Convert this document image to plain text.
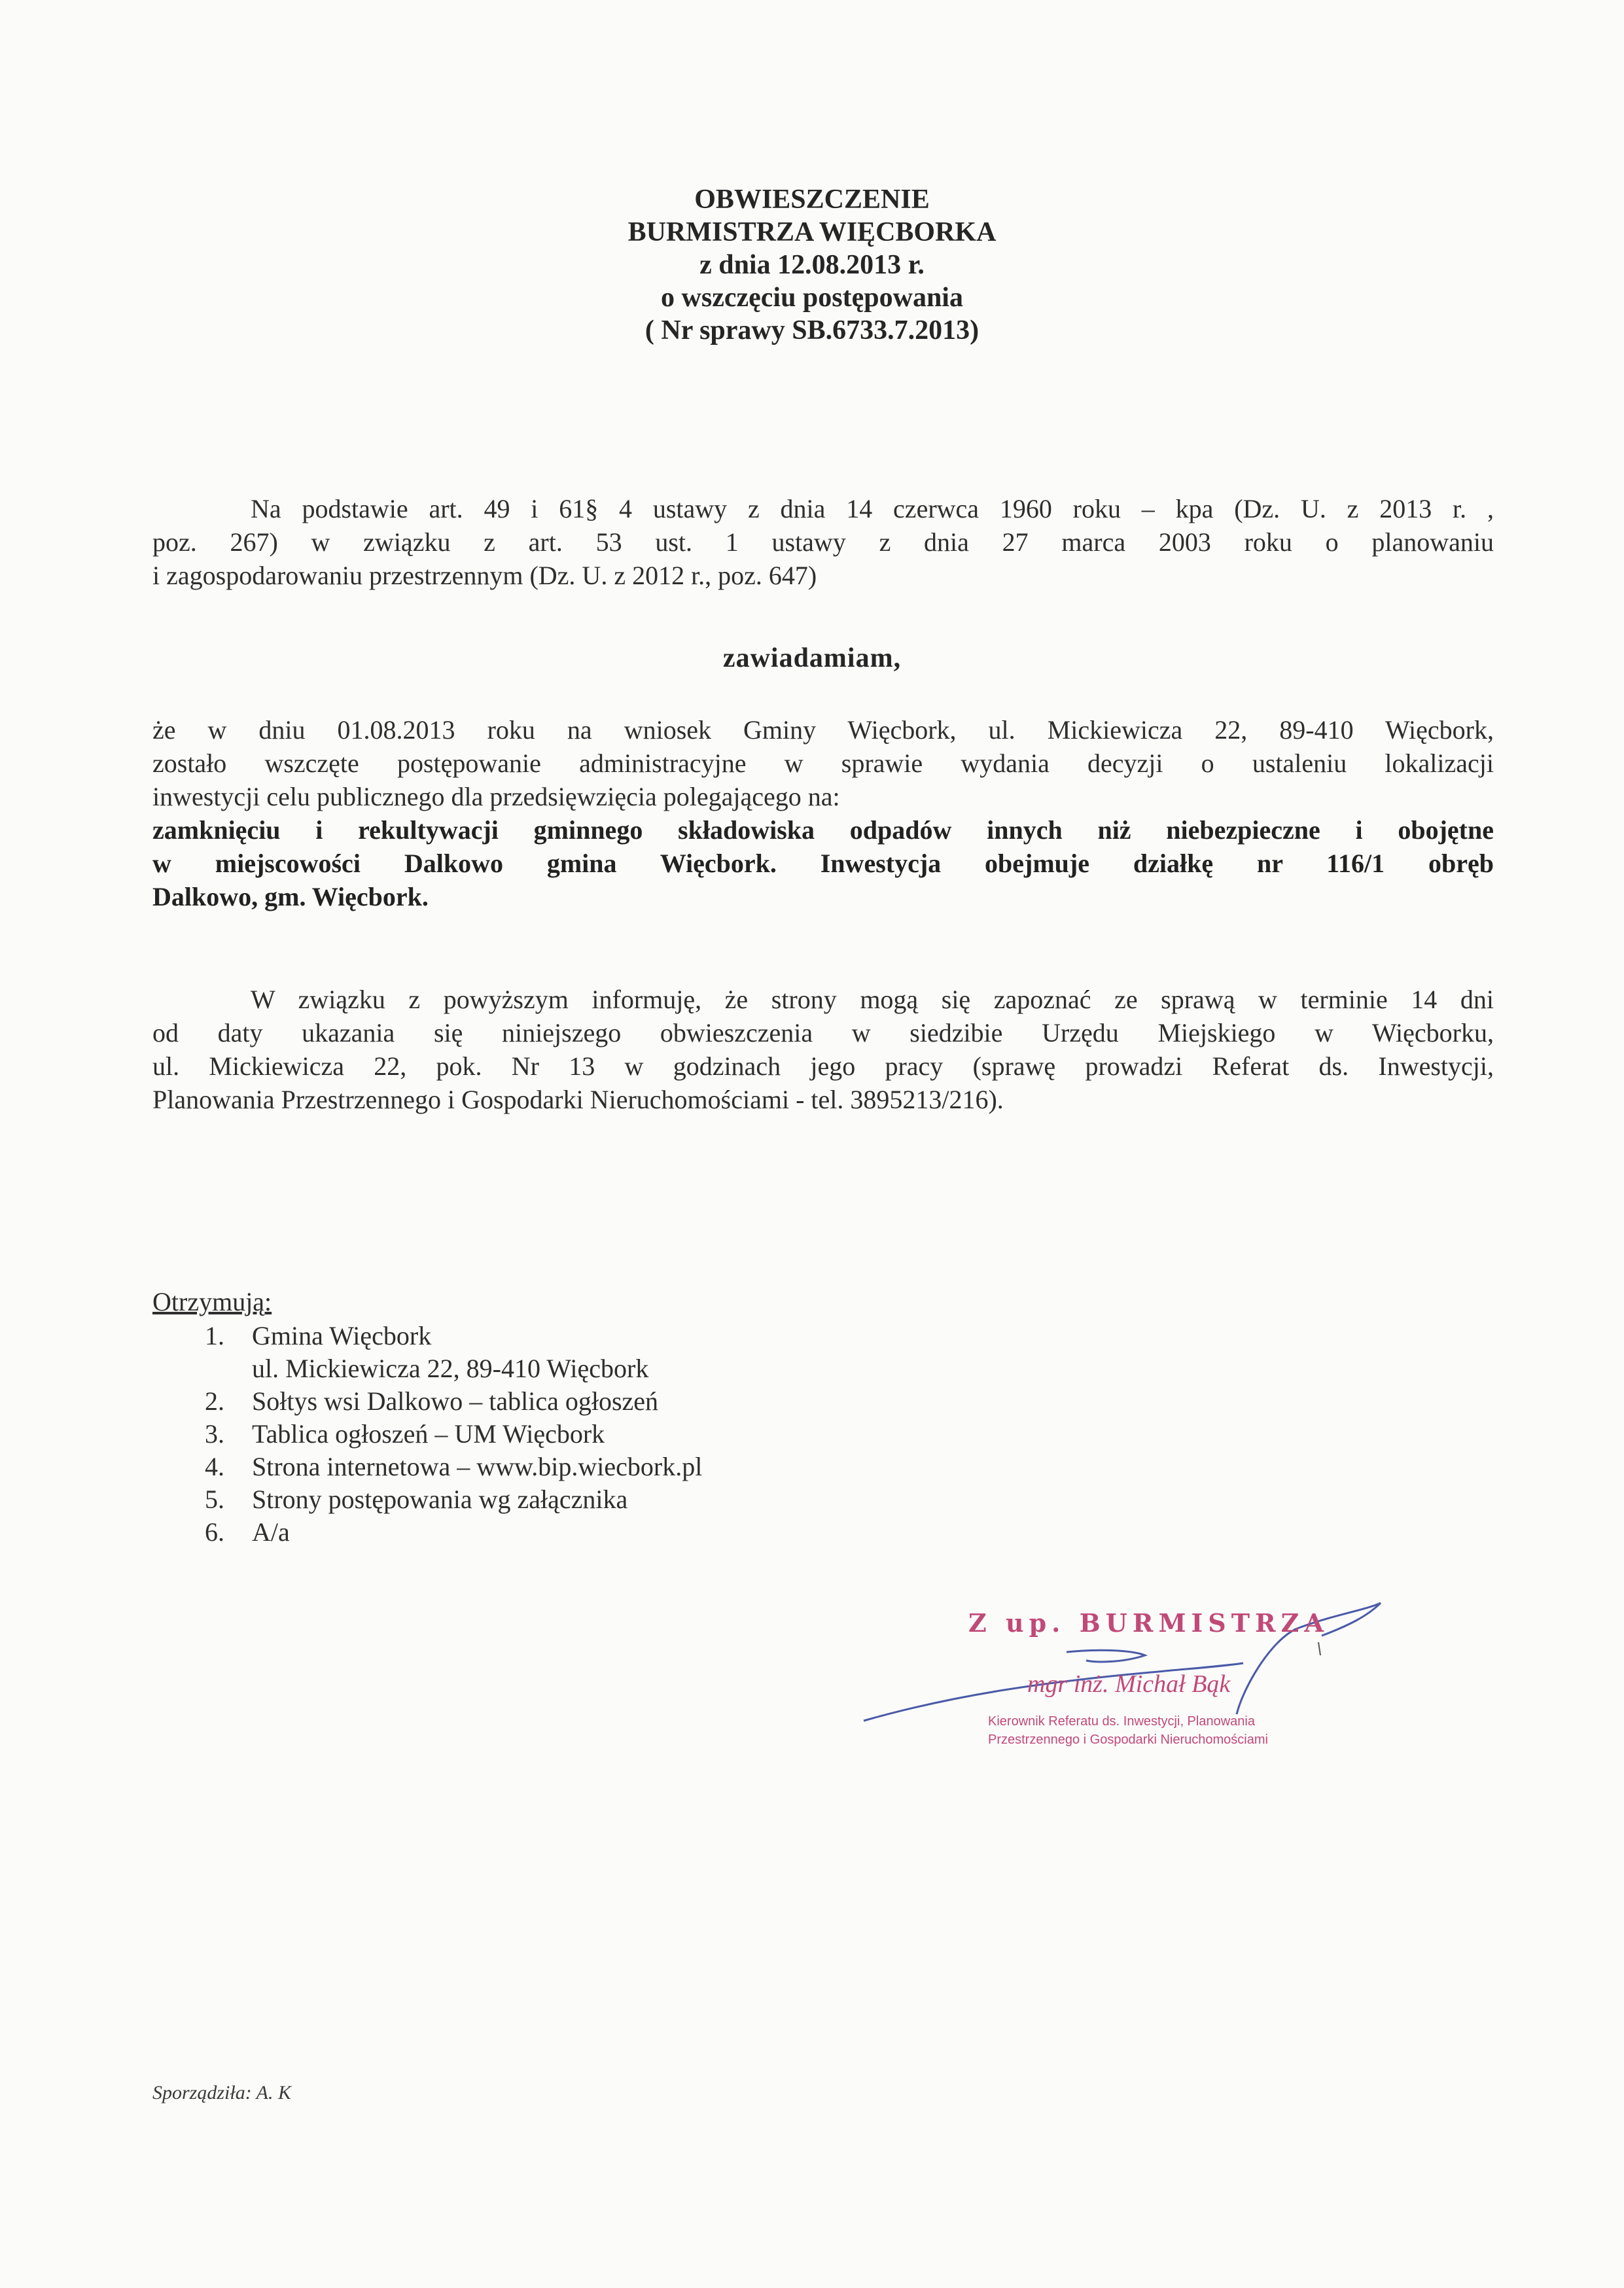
OBWIESZCZENIE
BURMISTRZA WIĘCBORKA
z dnia 12.08.2013 r.
o wszczęciu postępowania
( Nr sprawy SB.6733.7.2013)
Na podstawie art. 49 i 61§ 4 ustawy z dnia 14 czerwca 1960 roku – kpa (Dz. U. z 2013 r. ,
poz. 267) w związku z art. 53 ust. 1 ustawy z dnia 27 marca 2003 roku o planowaniu
i zagospodarowaniu przestrzennym (Dz. U. z 2012 r., poz. 647)
zawiadamiam,
że w dniu 01.08.2013 roku na wniosek Gminy Więcbork, ul. Mickiewicza 22, 89-410 Więcbork,
zostało wszczęte postępowanie administracyjne w sprawie wydania decyzji o ustaleniu lokalizacji
inwestycji celu publicznego dla przedsięwzięcia polegającego na:
zamknięciu i rekultywacji gminnego składowiska odpadów innych niż niebezpieczne i obojętne
w miejscowości Dalkowo gmina Więcbork. Inwestycja obejmuje działkę nr 116/1 obręb
Dalkowo, gm. Więcbork.
W związku z powyższym informuję, że strony mogą się zapoznać ze sprawą w terminie 14 dni
od daty ukazania się niniejszego obwieszczenia w siedzibie Urzędu Miejskiego w Więcborku,
ul. Mickiewicza 22, pok. Nr 13 w godzinach jego pracy (sprawę prowadzi Referat ds. Inwestycji,
Planowania Przestrzennego i Gospodarki Nieruchomościami - tel. 3895213/216).
Otrzymują:
1.	Gmina Więcbork
ul. Mickiewicza 22, 89-410 Więcbork
2.	Sołtys wsi Dalkowo – tablica ogłoszeń
3.	Tablica ogłoszeń – UM Więcbork
4.	Strona internetowa – www.bip.wiecbork.pl
5.	Strony postępowania wg załącznika
6.	A/a
Z up. BURMISTRZA
mgr inż. Michał Bąk
Kierownik Referatu ds. Inwestycji, Planowania
Przestrzennego i Gospodarki Nieruchomościami
Sporządziła: A. K
